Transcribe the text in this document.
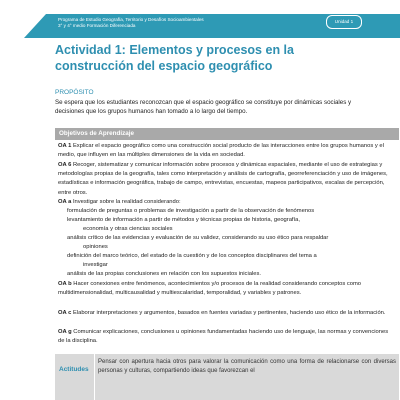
Programa de Estudio Geografía, Territorio y Desafíos Socioambientales
3° y 4° medio Formación Diferenciada
Unidad 1
Actividad 1: Elementos y procesos en la construcción del espacio geográfico
PROPÓSITO
Se espera que los estudiantes reconozcan que el espacio geográfico se constituye por dinámicas sociales y decisiones que los grupos humanos han tomado a lo largo del tiempo.
Objetivos de Aprendizaje

OA 1 Explicar el espacio geográfico como una construcción social producto de las interacciones entre los grupos humanos y el medio, que influyen en las múltiples dimensiones de la vida en sociedad.

OA 6 Recoger, sistematizar y comunicar información sobre procesos y dinámicas espaciales, mediante el uso de estrategias y metodologías propias de la geografía, tales como interpretación y análisis de cartografía, georreferenciación y uso de imágenes, estadísticas e información geográfica, trabajo de campo, entrevistas, encuestas, mapeos participativos, escalas de percepción, entre otros.

OA a Investigar sobre la realidad considerando:

formulación de preguntas o problemas de investigación a partir de la observación de fenómenos

levantamiento de información a partir de métodos y técnicas propias de historia, geografía,

economía y otras ciencias sociales

análisis crítico de las evidencias y evaluación de su validez, considerando su uso ético para respaldar

opiniones

definición del marco teórico, del estado de la cuestión y de los conceptos disciplinares del tema a

investigar

análisis de las propias conclusiones en relación con los supuestos iniciales.

OA b Hacer conexiones entre fenómenos, acontecimientos y/o procesos de la realidad considerando conceptos como multidimensionalidad, multicausalidad y multiescalaridad, temporalidad, y variables y patrones.

OA c Elaborar interpretaciones y argumentos, basados en fuentes variadas y pertinentes, haciendo uso ético de la información.

OA g Comunicar explicaciones, conclusiones u opiniones fundamentadas haciendo uso de lenguaje, las normas y convenciones de la disciplina.

Actitudes
Pensar con apertura hacia otros para valorar la comunicación como una forma de relacionarse con diversas personas y culturas, compartiendo ideas que favorezcan el
